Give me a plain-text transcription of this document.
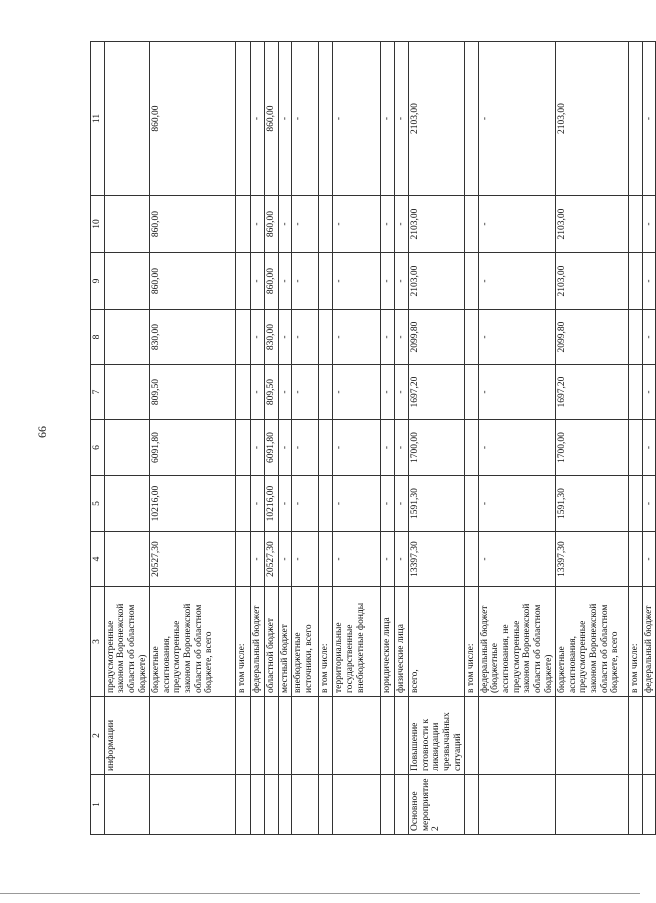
66
1	2	3	4	5	6	7	8	9	10	11
	информации	предусмотренные законом Воронежской области об областном бюджете)								
		бюджетные ассигнования, предусмотренные законом Воронежской области об областном бюджете, всего	20527,30	10216,00	6091,80	809,50	830,00	860,00	860,00	860,00
		в том числе:								
		федеральный бюджет	-	-	-	-	-	-	-	-
		областной бюджет	20527,30	10216,00	6091,80	809,50	830,00	860,00	860,00	860,00
		местный бюджет	-	-	-	-	-	-	-	-
		внебюджетные источники, всего	-	-	-	-	-	-	-	-
		в том числе:								
		территориальные государственные внебюджетные фонды	-	-	-	-	-	-	-	-
		юридические лица	-	-	-	-	-	-	-	-
		физические лица	-	-	-	-	-	-	-	-
Основное мероприятие 2	Повышение готовности к ликвидации чрезвычайных ситуаций	всего,	13397,30	1591,30	1700,00	1697,20	2099,80	2103,00	2103,00	2103,00
		в том числе:								
		федеральный бюджет (бюджетные ассигнования, не предусмотренные законом Воронежской области об областном бюджете)	-	-	-	-	-	-	-	-
		бюджетные ассигнования, предусмотренные законом Воронежской области об областном бюджете, всего	13397,30	1591,30	1700,00	1697,20	2099,80	2103,00	2103,00	2103,00
		в том числе:								
		федеральный бюджет	-	-	-	-	-	-	-	-
